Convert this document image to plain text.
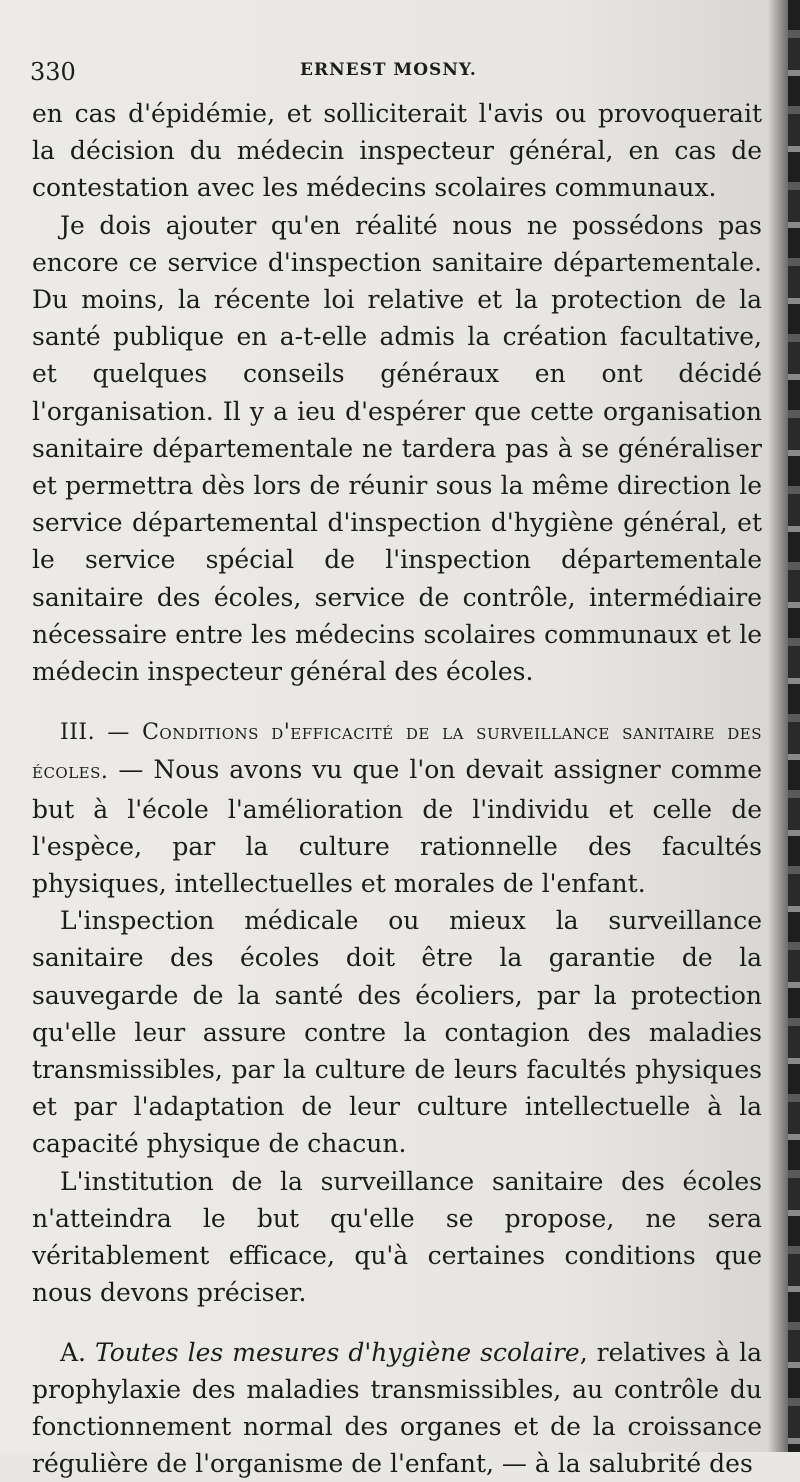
330	ERNEST MOSNY.

en cas d'épidémie, et solliciterait l'avis ou provoquerait la décision du médecin inspecteur général, en cas de contestation avec les médecins scolaires communaux.

Je dois ajouter qu'en réalité nous ne possédons pas encore ce service d'inspection sanitaire départementale. Du moins, la récente loi relative et la protection de la santé publique en a-t-elle admis la création facultative, et quelques conseils généraux en ont décidé l'organisation. Il y a ieu d'espérer que cette organisation sanitaire départementale ne tardera pas à se généraliser et permettra dès lors de réunir sous la même direction le service départemental d'inspection d'hygiène général, et le service spécial de l'inspection départementale sanitaire des écoles, service de contrôle, intermédiaire nécessaire entre les médecins scolaires communaux et le médecin inspecteur général des écoles.

III. — Conditions d'efficacité de la surveillance sanitaire des écoles. — Nous avons vu que l'on devait assigner comme but à l'école l'amélioration de l'individu et celle de l'espèce, par la culture rationnelle des facultés physiques, intellectuelles et morales de l'enfant.

L'inspection médicale ou mieux la surveillance sanitaire des écoles doit être la garantie de la sauvegarde de la santé des écoliers, par la protection qu'elle leur assure contre la contagion des maladies transmissibles, par la culture de leurs facultés physiques et par l'adaptation de leur culture intellectuelle à la capacité physique de chacun.

L'institution de la surveillance sanitaire des écoles n'atteindra le but qu'elle se propose, ne sera véritablement efficace, qu'à certaines conditions que nous devons préciser.

A. Toutes les mesures d'hygiène scolaire, relatives à la prophylaxie des maladies transmissibles, au contrôle du fonctionnement normal des organes et de la croissance régulière de l'organisme de l'enfant, — à la salubrité des
